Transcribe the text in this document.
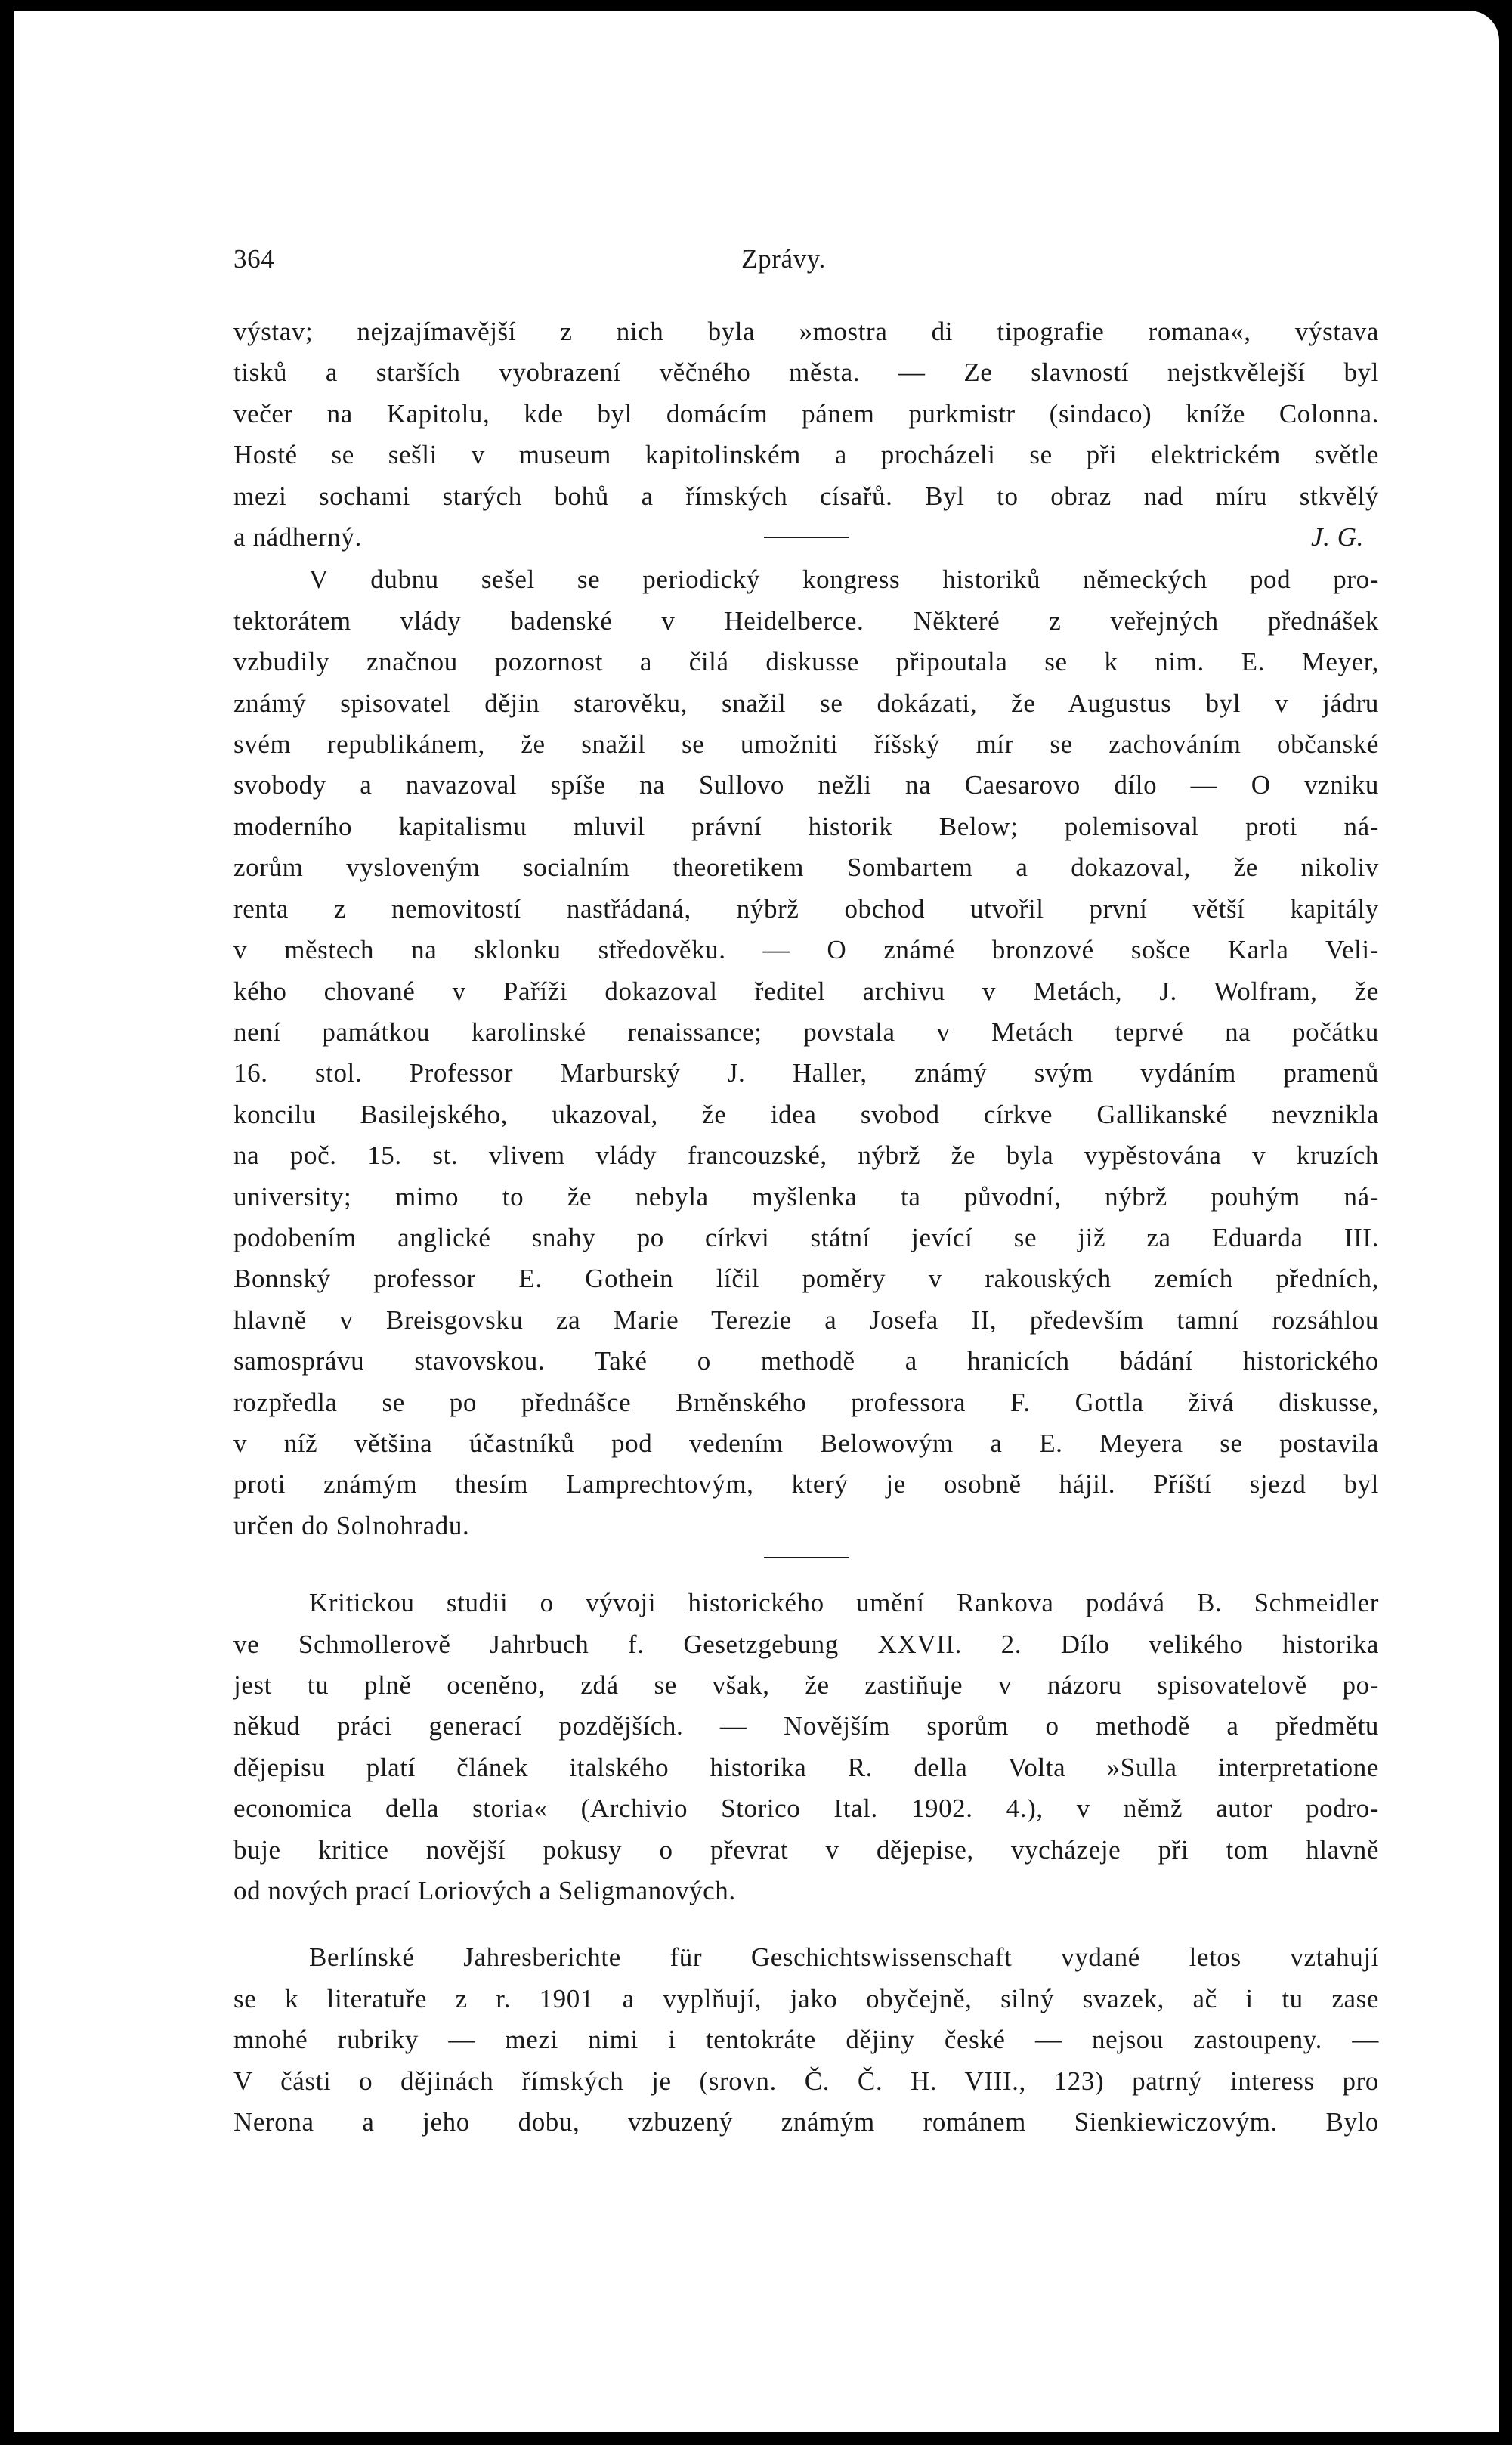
364	Zprávy.

výstav; nejzajímavější z nich byla »mostra di tipografie romana«, výstava

tisků a starších vyobrazení věčného města. — Ze slavností nejstkvělejší byl

večer na Kapitolu, kde byl domácím pánem purkmistr (sindaco) kníže Colonna.

Hosté se sešli v museum kapitolinském a procházeli se při elektrickém světle

mezi sochami starých bohů a římských císařů. Byl to obraz nad míru stkvělý

a nádherný.	J. G.

V dubnu sešel se periodický kongress historiků německých pod pro-

tektorátem vlády badenské v Heidelberce. Některé z veřejných přednášek

vzbudily značnou pozornost a čilá diskusse připoutala se k nim. E. Meyer,

známý spisovatel dějin starověku, snažil se dokázati, že Augustus byl v jádru

svém republikánem, že snažil se umožniti říšský mír se zachováním občanské

svobody a navazoval spíše na Sullovo nežli na Caesarovo dílo — O vzniku

moderního kapitalismu mluvil právní historik Below; polemisoval proti ná-

zorům vysloveným socialním theoretikem Sombartem a dokazoval, že nikoliv

renta z nemovitostí nastřádaná, nýbrž obchod utvořil první větší kapitály

v městech na sklonku středověku. — O známé bronzové sošce Karla Veli-

kého chované v Paříži dokazoval ředitel archivu v Metách, J. Wolfram, že

není památkou karolinské renaissance; povstala v Metách teprvé na počátku

16. stol. Professor Marburský J. Haller, známý svým vydáním pramenů

koncilu Basilejského, ukazoval, že idea svobod církve Gallikanské nevznikla

na poč. 15. st. vlivem vlády francouzské, nýbrž že byla vypěstována v kruzích

university; mimo to že nebyla myšlenka ta původní, nýbrž pouhým ná-

podobením anglické snahy po církvi státní jevící se již za Eduarda III.

Bonnský professor E. Gothein líčil poměry v rakouských zemích předních,

hlavně v Breisgovsku za Marie Terezie a Josefa II, především tamní rozsáhlou

samosprávu stavovskou. Také o methodě a hranicích bádání historického

rozpředla se po přednášce Brněnského professora F. Gottla živá diskusse,

v níž většina účastníků pod vedením Belowovým a E. Meyera se postavila

proti známým thesím Lamprechtovým, který je osobně hájil. Příští sjezd byl

určen do Solnohradu.

Kritickou studii o vývoji historického umění Rankova podává B. Schmeidler

ve Schmollerově Jahrbuch f. Gesetzgebung XXVII. 2. Dílo velikého historika

jest tu plně oceněno, zdá se však, že zastiňuje v názoru spisovatelově po-

někud práci generací pozdějších. — Novějším sporům o methodě a předmětu

dějepisu platí článek italského historika R. della Volta »Sulla interpretatione

economica della storia« (Archivio Storico Ital. 1902. 4.), v němž autor podro-

buje kritice novější pokusy o převrat v dějepise, vycházeje při tom hlavně

od nových prací Loriových a Seligmanových.

Berlínské Jahresberichte für Geschichtswissenschaft vydané letos vztahují

se k literatuře z r. 1901 a vyplňují, jako obyčejně, silný svazek, ač i tu zase

mnohé rubriky — mezi nimi i tentokráte dějiny české — nejsou zastoupeny. —

V části o dějinách římských je (srovn. Č. Č. H. VIII., 123) patrný interess pro

Nerona a jeho dobu, vzbuzený známým románem Sienkiewiczovým. Bylo
